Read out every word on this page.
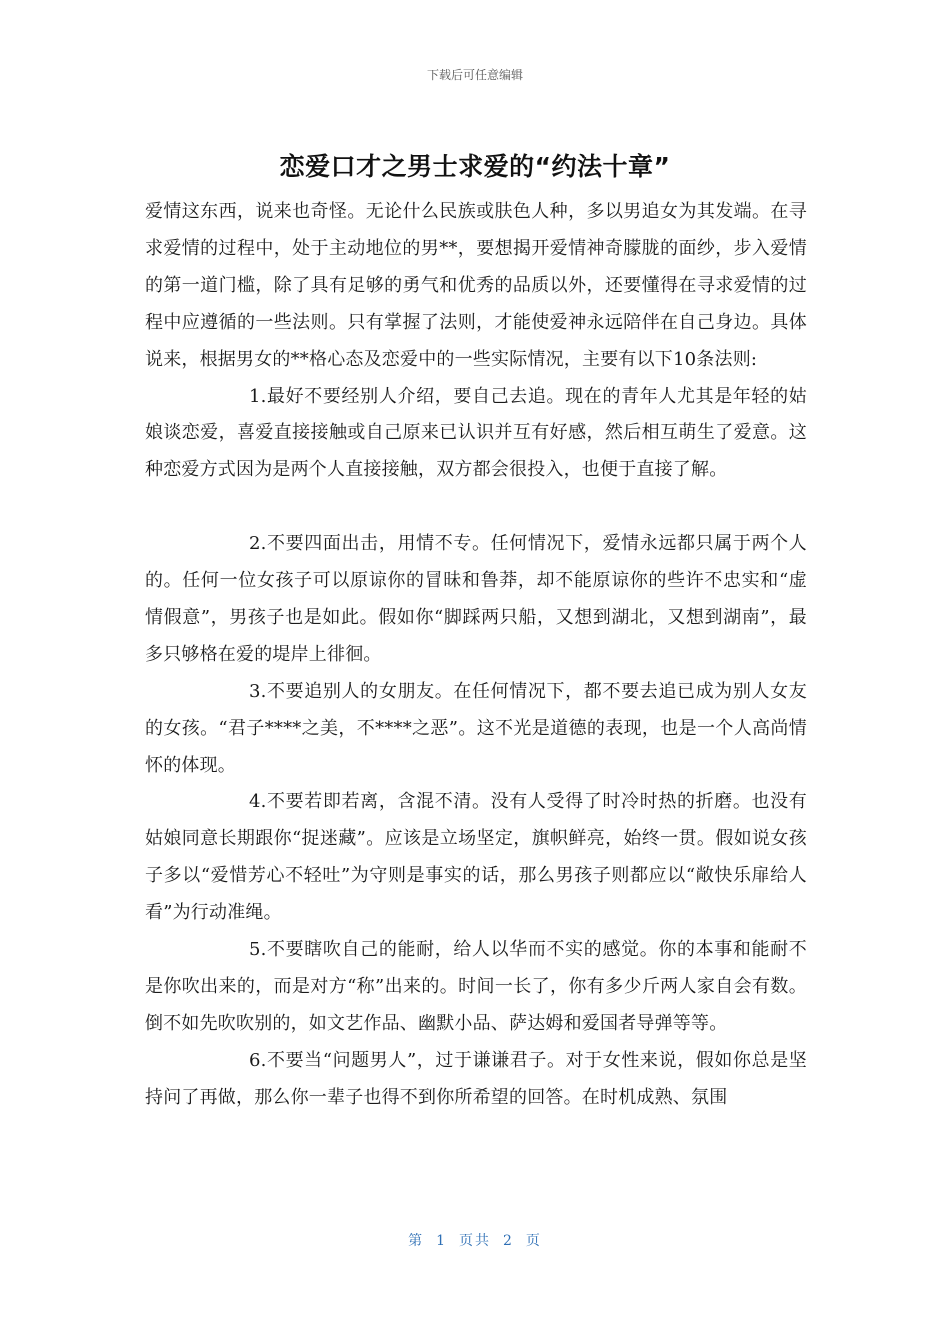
下载后可任意编辑
恋爱口才之男士求爱的“约法十章”

爱情这东西，说来也奇怪。无论什么民族或肤色人种，多以男追女为其发端。在寻求爱情的过程中，处于主动地位的男**，要想揭开爱情神奇朦胧的面纱，步入爱情的第一道门槛，除了具有足够的勇气和优秀的品质以外，还要懂得在寻求爱情的过程中应遵循的一些法则。只有掌握了法则，才能使爱神永远陪伴在自己身边。具体说来，根据男女的**格心态及恋爱中的一些实际情况，主要有以下10条法则:

1.最好不要经别人介绍，要自己去追。现在的青年人尤其是年轻的姑娘谈恋爱，喜爱直接接触或自己原来已认识并互有好感，然后相互萌生了爱意。这种恋爱方式因为是两个人直接接触，双方都会很投入，也便于直接了解。

2.不要四面出击，用情不专。任何情况下，爱情永远都只属于两个人的。任何一位女孩子可以原谅你的冒昧和鲁莽，却不能原谅你的些许不忠实和“虚情假意”，男孩子也是如此。假如你“脚踩两只船，又想到湖北，又想到湖南”，最多只够格在爱的堤岸上徘徊。

3.不要追别人的女朋友。在任何情况下，都不要去追已成为别人女友的女孩。“君子****之美，不****之恶”。这不光是道德的表现，也是一个人高尚情怀的体现。

4.不要若即若离，含混不清。没有人受得了时冷时热的折磨。也没有姑娘同意长期跟你“捉迷藏”。应该是立场坚定，旗帜鲜亮，始终一贯。假如说女孩子多以“爱惜芳心不轻吐”为守则是事实的话，那么男孩子则都应以“敞快乐扉给人看”为行动准绳。

5.不要瞎吹自己的能耐，给人以华而不实的感觉。你的本事和能耐不是你吹出来的，而是对方“称”出来的。时间一长了，你有多少斤两人家自会有数。倒不如先吹吹别的，如文艺作品、幽默小品、萨达姆和爱国者导弹等等。

6.不要当“问题男人”，过于谦谦君子。对于女性来说，假如你总是坚持问了再做，那么你一辈子也得不到你所希望的回答。在时机成熟、氛围

第 1 页共 2 页
